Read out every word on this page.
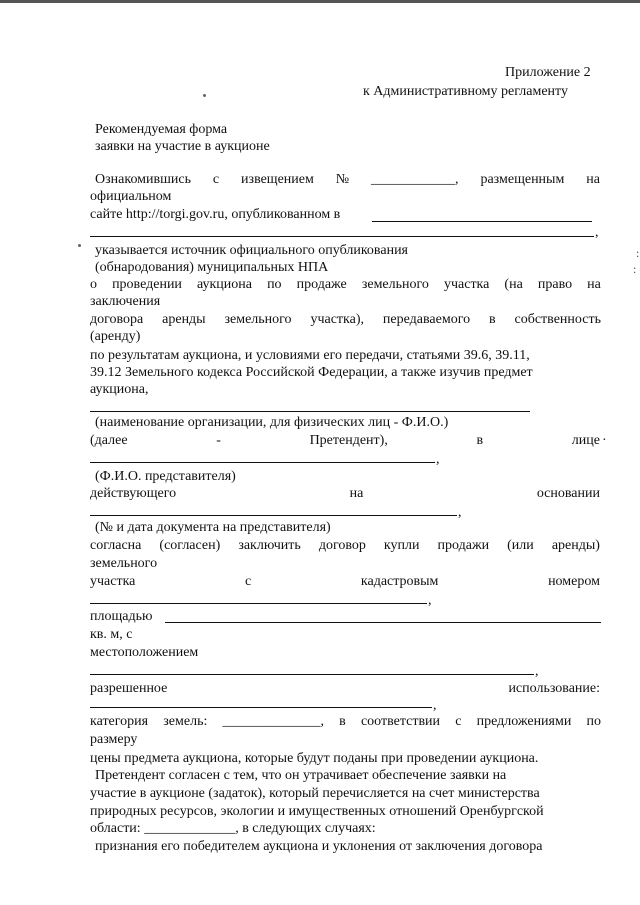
:
:
Приложение 2
к Административному регламенту
Рекомендуемая форма
заявки на участие в аукционе
Ознакомившись с извещением № ____________, размещенным на
официальном
сайте http://torgi.gov.ru, опубликованном в
,
указывается источник официального опубликования
(обнародования) муниципальных НПА
о проведении аукциона по продаже земельного участка (на право на
заключения
договора аренды земельного участка), передаваемого в собственность
(аренду)
по результатам аукциона, и условиями его передачи, статьями 39.6, 39.11,
39.12 Земельного кодекса Российской Федерации, а также изучив предмет
аукциона,
(наименование организации, для физических лиц - Ф.И.О.)
(далее	-	Претендент),	в	лице ·
,
(Ф.И.О. представителя)
действующего	на	основании
,
(№ и дата документа на представителя)
согласна (согласен) заключить договор купли продажи (или аренды)
земельного
участка	с	кадастровым	номером
,
площадью
кв. м, с
местоположением
,
разрешенное	использование:
,
категория земель: ______________, в соответствии с предложениями по
размеру
цены предмета аукциона, которые будут поданы при проведении аукциона.
Претендент согласен с тем, что он утрачивает обеспечение заявки на
участие в аукционе (задаток), который перечисляется на счет министерства
природных ресурсов, экологии и имущественных отношений Оренбургской
области: _____________, в следующих случаях:
признания его победителем аукциона и уклонения от заключения договора
